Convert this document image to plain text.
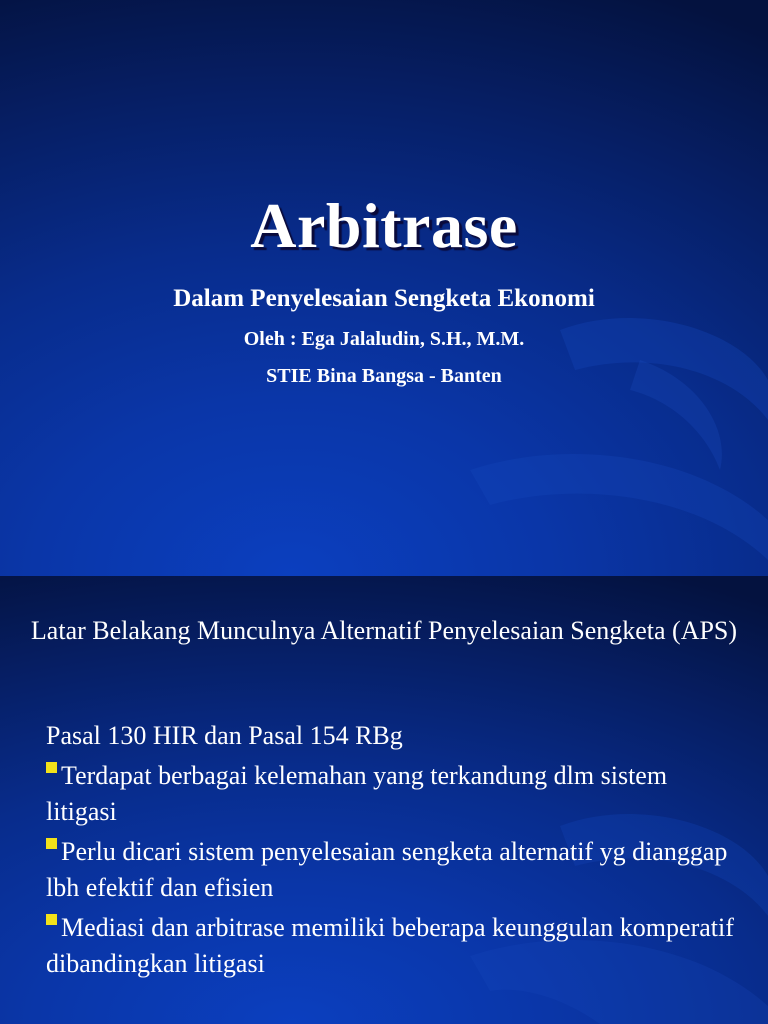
Arbitrase
Dalam Penyelesaian Sengketa Ekonomi
Oleh : Ega Jalaludin, S.H., M.M.
STIE Bina Bangsa - Banten
Latar Belakang Munculnya Alternatif Penyelesaian Sengketa (APS)
Pasal 130 HIR dan Pasal 154 RBg
Terdapat berbagai kelemahan yang terkandung dlm sistem litigasi
Perlu dicari sistem penyelesaian sengketa alternatif yg dianggap lbh efektif dan efisien
Mediasi dan arbitrase memiliki beberapa keunggulan komperatif dibandingkan litigasi
